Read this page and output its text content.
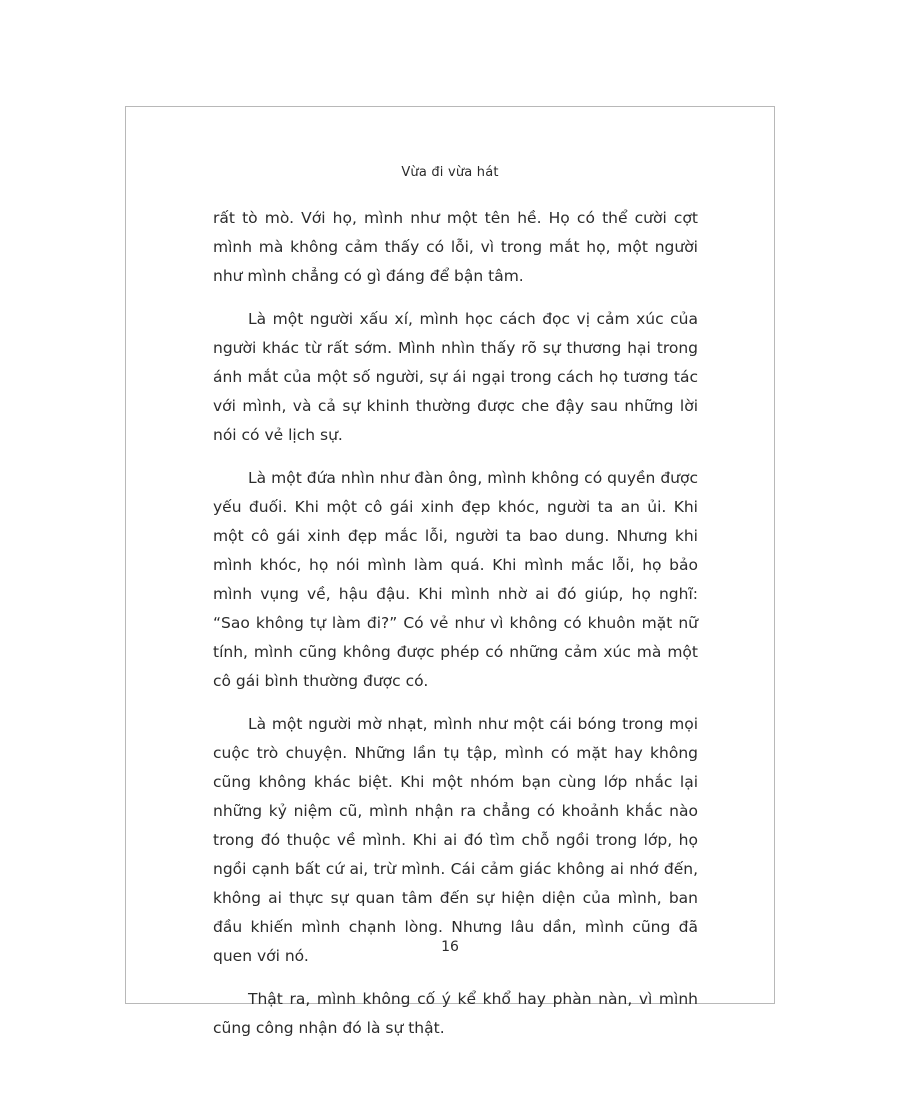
Vừa đi vừa hát

rất tò mò. Với họ, mình như một tên hề. Họ có thể cười cợt mình mà không cảm thấy có lỗi, vì trong mắt họ, một người như mình chẳng có gì đáng để bận tâm.

Là một người xấu xí, mình học cách đọc vị cảm xúc của người khác từ rất sớm. Mình nhìn thấy rõ sự thương hại trong ánh mắt của một số người, sự ái ngại trong cách họ tương tác với mình, và cả sự khinh thường được che đậy sau những lời nói có vẻ lịch sự.

Là một đứa nhìn như đàn ông, mình không có quyền được yếu đuối. Khi một cô gái xinh đẹp khóc, người ta an ủi. Khi một cô gái xinh đẹp mắc lỗi, người ta bao dung. Nhưng khi mình khóc, họ nói mình làm quá. Khi mình mắc lỗi, họ bảo mình vụng về, hậu đậu. Khi mình nhờ ai đó giúp, họ nghĩ: “Sao không tự làm đi?” Có vẻ như vì không có khuôn mặt nữ tính, mình cũng không được phép có những cảm xúc mà một cô gái bình thường được có.

Là một người mờ nhạt, mình như một cái bóng trong mọi cuộc trò chuyện. Những lần tụ tập, mình có mặt hay không cũng không khác biệt. Khi một nhóm bạn cùng lớp nhắc lại những kỷ niệm cũ, mình nhận ra chẳng có khoảnh khắc nào trong đó thuộc về mình. Khi ai đó tìm chỗ ngồi trong lớp, họ ngồi cạnh bất cứ ai, trừ mình. Cái cảm giác không ai nhớ đến, không ai thực sự quan tâm đến sự hiện diện của mình, ban đầu khiến mình chạnh lòng. Nhưng lâu dần, mình cũng đã quen với nó.

Thật ra, mình không cố ý kể khổ hay phàn nàn, vì mình cũng công nhận đó là sự thật.

16
